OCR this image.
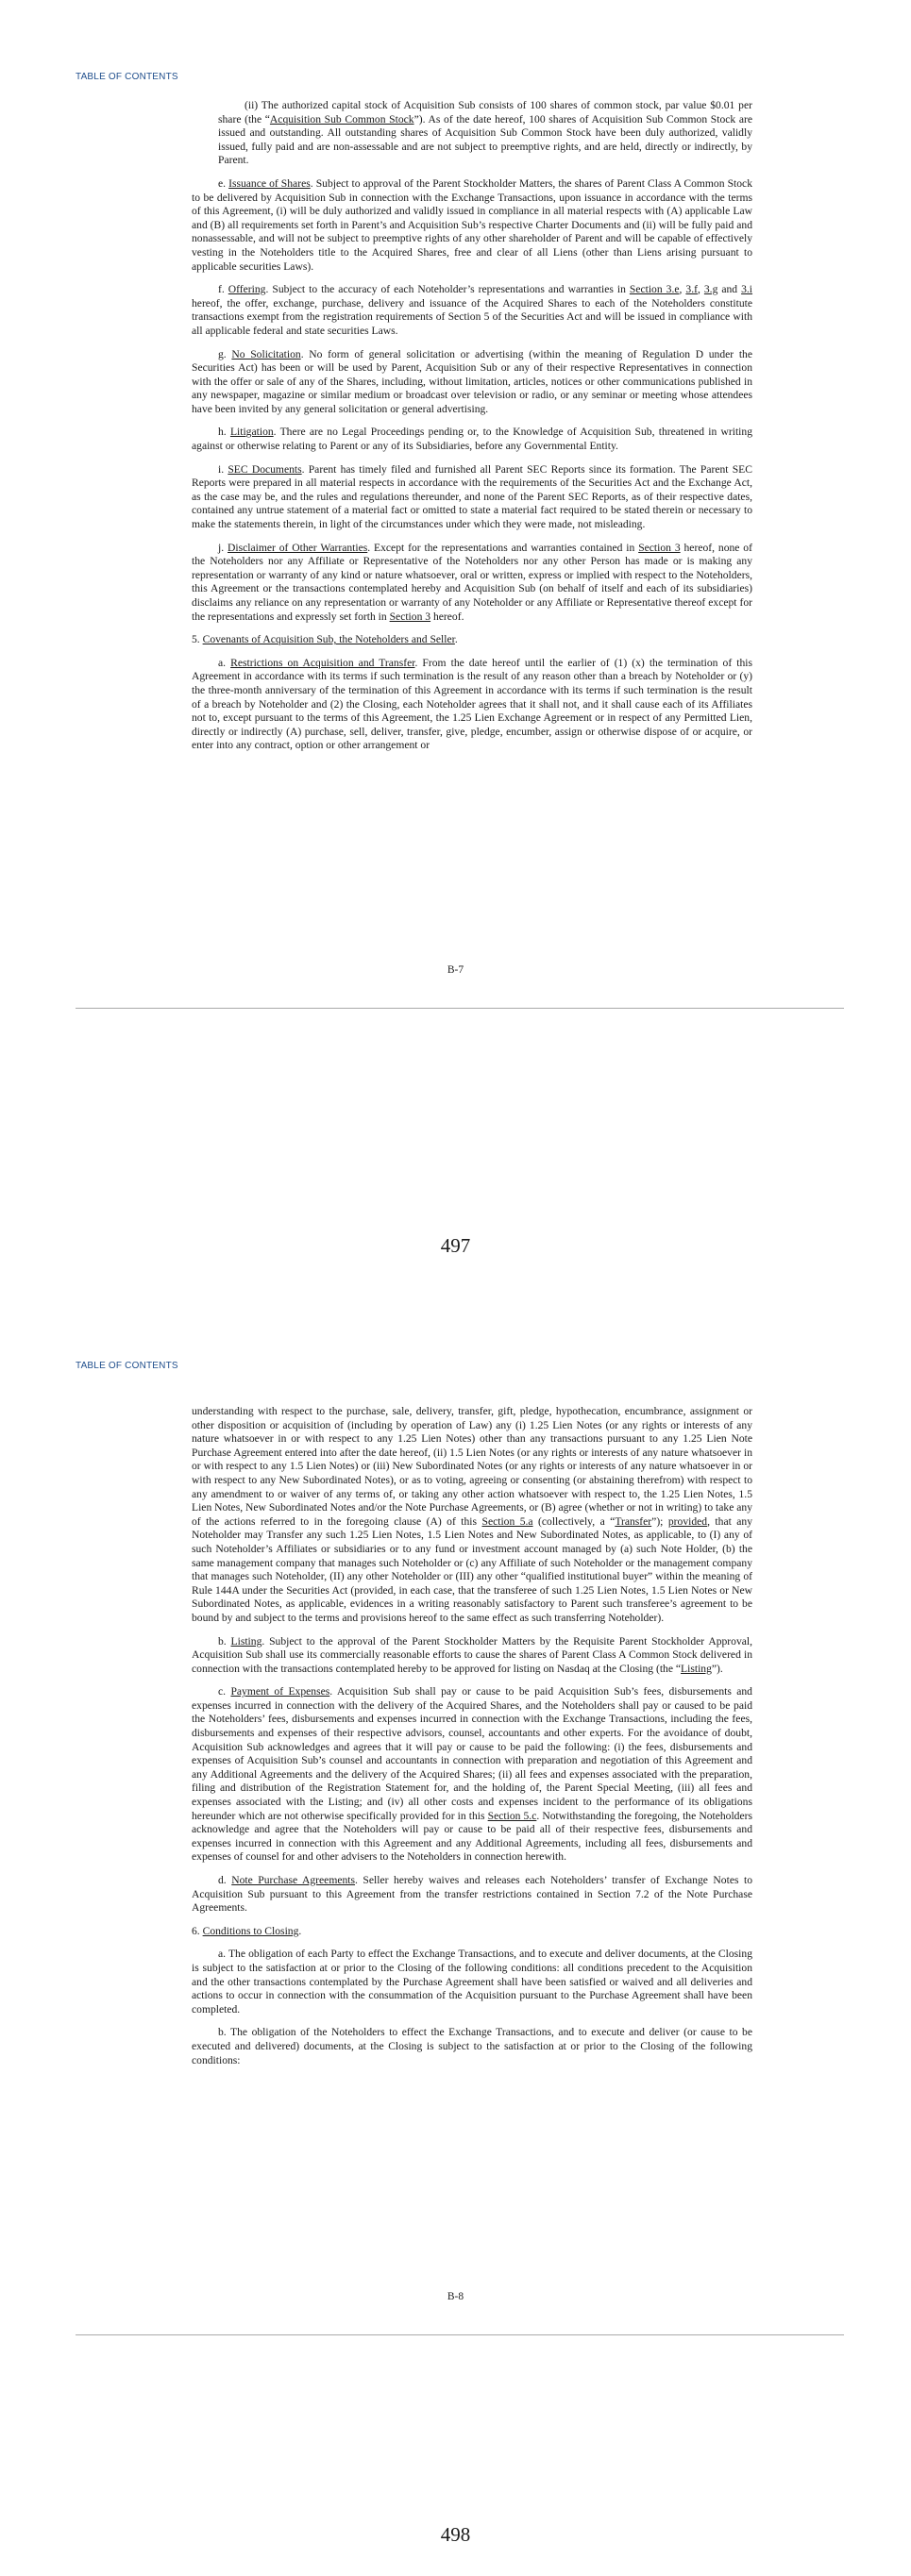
TABLE OF CONTENTS

(ii) The authorized capital stock of Acquisition Sub consists of 100 shares of common stock, par value $0.01 per share (the “Acquisition Sub Common Stock”). As of the date hereof, 100 shares of Acquisition Sub Common Stock are issued and outstanding. All outstanding shares of Acquisition Sub Common Stock have been duly authorized, validly issued, fully paid and are non-assessable and are not subject to preemptive rights, and are held, directly or indirectly, by Parent.

e. Issuance of Shares. Subject to approval of the Parent Stockholder Matters, the shares of Parent Class A Common Stock to be delivered by Acquisition Sub in connection with the Exchange Transactions, upon issuance in accordance with the terms of this Agreement, (i) will be duly authorized and validly issued in compliance in all material respects with (A) applicable Law and (B) all requirements set forth in Parent’s and Acquisition Sub’s respective Charter Documents and (ii) will be fully paid and nonassessable, and will not be subject to preemptive rights of any other shareholder of Parent and will be capable of effectively vesting in the Noteholders title to the Acquired Shares, free and clear of all Liens (other than Liens arising pursuant to applicable securities Laws).

f. Offering. Subject to the accuracy of each Noteholder’s representations and warranties in Section 3.e, 3.f, 3.g and 3.i hereof, the offer, exchange, purchase, delivery and issuance of the Acquired Shares to each of the Noteholders constitute transactions exempt from the registration requirements of Section 5 of the Securities Act and will be issued in compliance with all applicable federal and state securities Laws.

g. No Solicitation. No form of general solicitation or advertising (within the meaning of Regulation D under the Securities Act) has been or will be used by Parent, Acquisition Sub or any of their respective Representatives in connection with the offer or sale of any of the Shares, including, without limitation, articles, notices or other communications published in any newspaper, magazine or similar medium or broadcast over television or radio, or any seminar or meeting whose attendees have been invited by any general solicitation or general advertising.

h. Litigation. There are no Legal Proceedings pending or, to the Knowledge of Acquisition Sub, threatened in writing against or otherwise relating to Parent or any of its Subsidiaries, before any Governmental Entity.

i. SEC Documents. Parent has timely filed and furnished all Parent SEC Reports since its formation. The Parent SEC Reports were prepared in all material respects in accordance with the requirements of the Securities Act and the Exchange Act, as the case may be, and the rules and regulations thereunder, and none of the Parent SEC Reports, as of their respective dates, contained any untrue statement of a material fact or omitted to state a material fact required to be stated therein or necessary to make the statements therein, in light of the circumstances under which they were made, not misleading.

j. Disclaimer of Other Warranties. Except for the representations and warranties contained in Section 3 hereof, none of the Noteholders nor any Affiliate or Representative of the Noteholders nor any other Person has made or is making any representation or warranty of any kind or nature whatsoever, oral or written, express or implied with respect to the Noteholders, this Agreement or the transactions contemplated hereby and Acquisition Sub (on behalf of itself and each of its subsidiaries) disclaims any reliance on any representation or warranty of any Noteholder or any Affiliate or Representative thereof except for the representations and expressly set forth in Section 3 hereof.

5. Covenants of Acquisition Sub, the Noteholders and Seller.

a. Restrictions on Acquisition and Transfer. From the date hereof until the earlier of (1) (x) the termination of this Agreement in accordance with its terms if such termination is the result of any reason other than a breach by Noteholder or (y) the three-month anniversary of the termination of this Agreement in accordance with its terms if such termination is the result of a breach by Noteholder and (2) the Closing, each Noteholder agrees that it shall not, and it shall cause each of its Affiliates not to, except pursuant to the terms of this Agreement, the 1.25 Lien Exchange Agreement or in respect of any Permitted Lien, directly or indirectly (A) purchase, sell, deliver, transfer, give, pledge, encumber, assign or otherwise dispose of or acquire, or enter into any contract, option or other arrangement or

B-7
497
TABLE OF CONTENTS

understanding with respect to the purchase, sale, delivery, transfer, gift, pledge, hypothecation, encumbrance, assignment or other disposition or acquisition of (including by operation of Law) any (i) 1.25 Lien Notes (or any rights or interests of any nature whatsoever in or with respect to any 1.25 Lien Notes) other than any transactions pursuant to any 1.25 Lien Note Purchase Agreement entered into after the date hereof, (ii) 1.5 Lien Notes (or any rights or interests of any nature whatsoever in or with respect to any 1.5 Lien Notes) or (iii) New Subordinated Notes (or any rights or interests of any nature whatsoever in or with respect to any New Subordinated Notes), or as to voting, agreeing or consenting (or abstaining therefrom) with respect to any amendment to or waiver of any terms of, or taking any other action whatsoever with respect to, the 1.25 Lien Notes, 1.5 Lien Notes, New Subordinated Notes and/or the Note Purchase Agreements, or (B) agree (whether or not in writing) to take any of the actions referred to in the foregoing clause (A) of this Section 5.a (collectively, a “Transfer”); provided, that any Noteholder may Transfer any such 1.25 Lien Notes, 1.5 Lien Notes and New Subordinated Notes, as applicable, to (I) any of such Noteholder’s Affiliates or subsidiaries or to any fund or investment account managed by (a) such Note Holder, (b) the same management company that manages such Noteholder or (c) any Affiliate of such Noteholder or the management company that manages such Noteholder, (II) any other Noteholder or (III) any other “qualified institutional buyer” within the meaning of Rule 144A under the Securities Act (provided, in each case, that the transferee of such 1.25 Lien Notes, 1.5 Lien Notes or New Subordinated Notes, as applicable, evidences in a writing reasonably satisfactory to Parent such transferee’s agreement to be bound by and subject to the terms and provisions hereof to the same effect as such transferring Noteholder).

b. Listing. Subject to the approval of the Parent Stockholder Matters by the Requisite Parent Stockholder Approval, Acquisition Sub shall use its commercially reasonable efforts to cause the shares of Parent Class A Common Stock delivered in connection with the transactions contemplated hereby to be approved for listing on Nasdaq at the Closing (the “Listing”).

c. Payment of Expenses. Acquisition Sub shall pay or cause to be paid Acquisition Sub’s fees, disbursements and expenses incurred in connection with the delivery of the Acquired Shares, and the Noteholders shall pay or caused to be paid the Noteholders’ fees, disbursements and expenses incurred in connection with the Exchange Transactions, including the fees, disbursements and expenses of their respective advisors, counsel, accountants and other experts. For the avoidance of doubt, Acquisition Sub acknowledges and agrees that it will pay or cause to be paid the following: (i) the fees, disbursements and expenses of Acquisition Sub’s counsel and accountants in connection with preparation and negotiation of this Agreement and any Additional Agreements and the delivery of the Acquired Shares; (ii) all fees and expenses associated with the preparation, filing and distribution of the Registration Statement for, and the holding of, the Parent Special Meeting, (iii) all fees and expenses associated with the Listing; and (iv) all other costs and expenses incident to the performance of its obligations hereunder which are not otherwise specifically provided for in this Section 5.c. Notwithstanding the foregoing, the Noteholders acknowledge and agree that the Noteholders will pay or cause to be paid all of their respective fees, disbursements and expenses incurred in connection with this Agreement and any Additional Agreements, including all fees, disbursements and expenses of counsel for and other advisers to the Noteholders in connection herewith.

d. Note Purchase Agreements. Seller hereby waives and releases each Noteholders’ transfer of Exchange Notes to Acquisition Sub pursuant to this Agreement from the transfer restrictions contained in Section 7.2 of the Note Purchase Agreements.

6. Conditions to Closing.

a. The obligation of each Party to effect the Exchange Transactions, and to execute and deliver documents, at the Closing is subject to the satisfaction at or prior to the Closing of the following conditions: all conditions precedent to the Acquisition and the other transactions contemplated by the Purchase Agreement shall have been satisfied or waived and all deliveries and actions to occur in connection with the consummation of the Acquisition pursuant to the Purchase Agreement shall have been completed.

b. The obligation of the Noteholders to effect the Exchange Transactions, and to execute and deliver (or cause to be executed and delivered) documents, at the Closing is subject to the satisfaction at or prior to the Closing of the following conditions:

B-8
498
